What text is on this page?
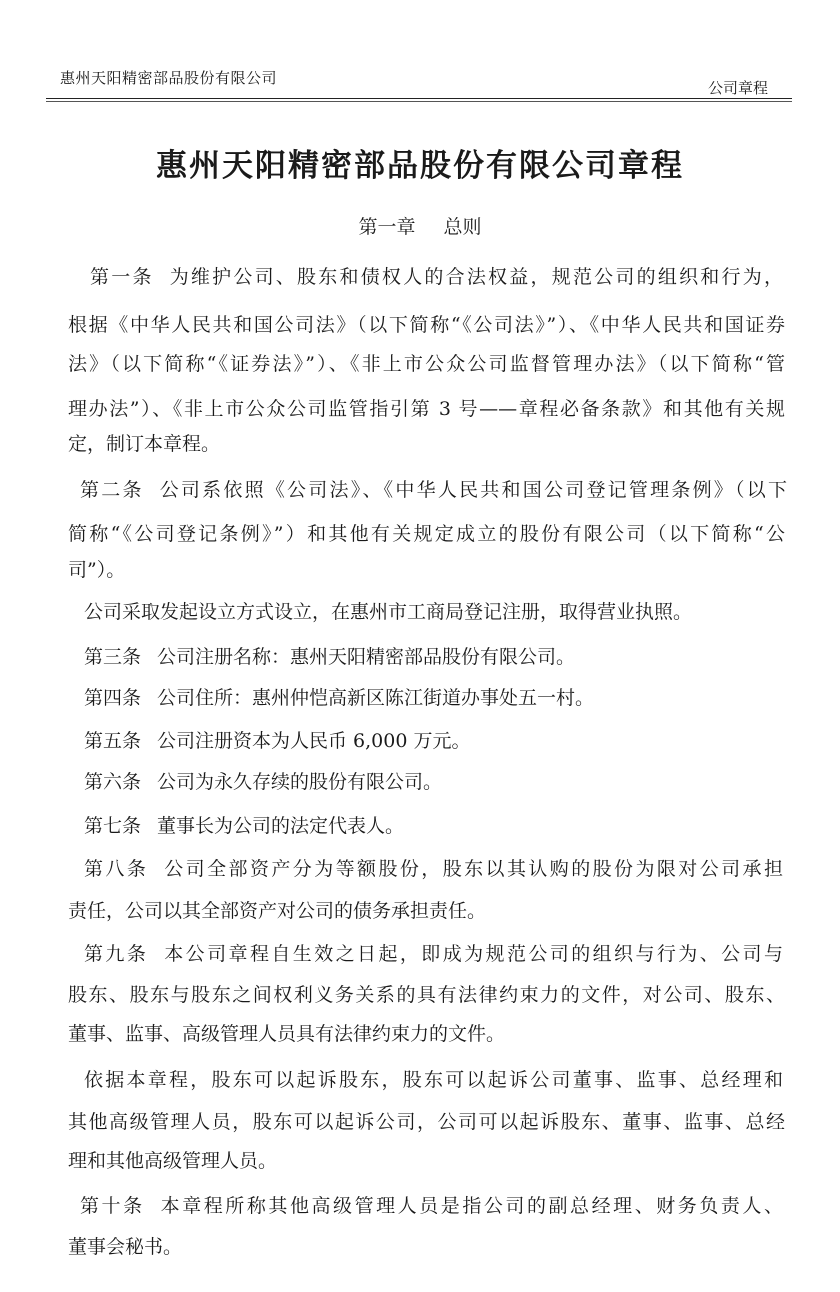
惠州天阳精密部品股份有限公司
公司章程
惠州天阳精密部品股份有限公司章程
第一章 总则
第一条 为维护公司、股东和债权人的合法权益，规范公司的组织和行为，
根据《中华人民共和国公司法》（以下简称“《公司法》”）、《中华人民共和国证券
法》（以下简称“《证券法》”）、《非上市公众公司监督管理办法》（以下简称“管
理办法”）、《非上市公众公司监管指引第 3 号——章程必备条款》和其他有关规
定，制订本章程。
第二条 公司系依照《公司法》、《中华人民共和国公司登记管理条例》（以下
简称“《公司登记条例》”）和其他有关规定成立的股份有限公司（以下简称“公
司”）。
公司采取发起设立方式设立，在惠州市工商局登记注册，取得营业执照。
第三条 公司注册名称：惠州天阳精密部品股份有限公司。
第四条 公司住所：惠州仲恺高新区陈江街道办事处五一村。
第五条 公司注册资本为人民币 6,000 万元。
第六条 公司为永久存续的股份有限公司。
第七条 董事长为公司的法定代表人。
第八条 公司全部资产分为等额股份，股东以其认购的股份为限对公司承担
责任，公司以其全部资产对公司的债务承担责任。
第九条 本公司章程自生效之日起，即成为规范公司的组织与行为、公司与
股东、股东与股东之间权利义务关系的具有法律约束力的文件，对公司、股东、
董事、监事、高级管理人员具有法律约束力的文件。
依据本章程，股东可以起诉股东，股东可以起诉公司董事、监事、总经理和
其他高级管理人员，股东可以起诉公司，公司可以起诉股东、董事、监事、总经
理和其他高级管理人员。
第十条 本章程所称其他高级管理人员是指公司的副总经理、财务负责人、
董事会秘书。
